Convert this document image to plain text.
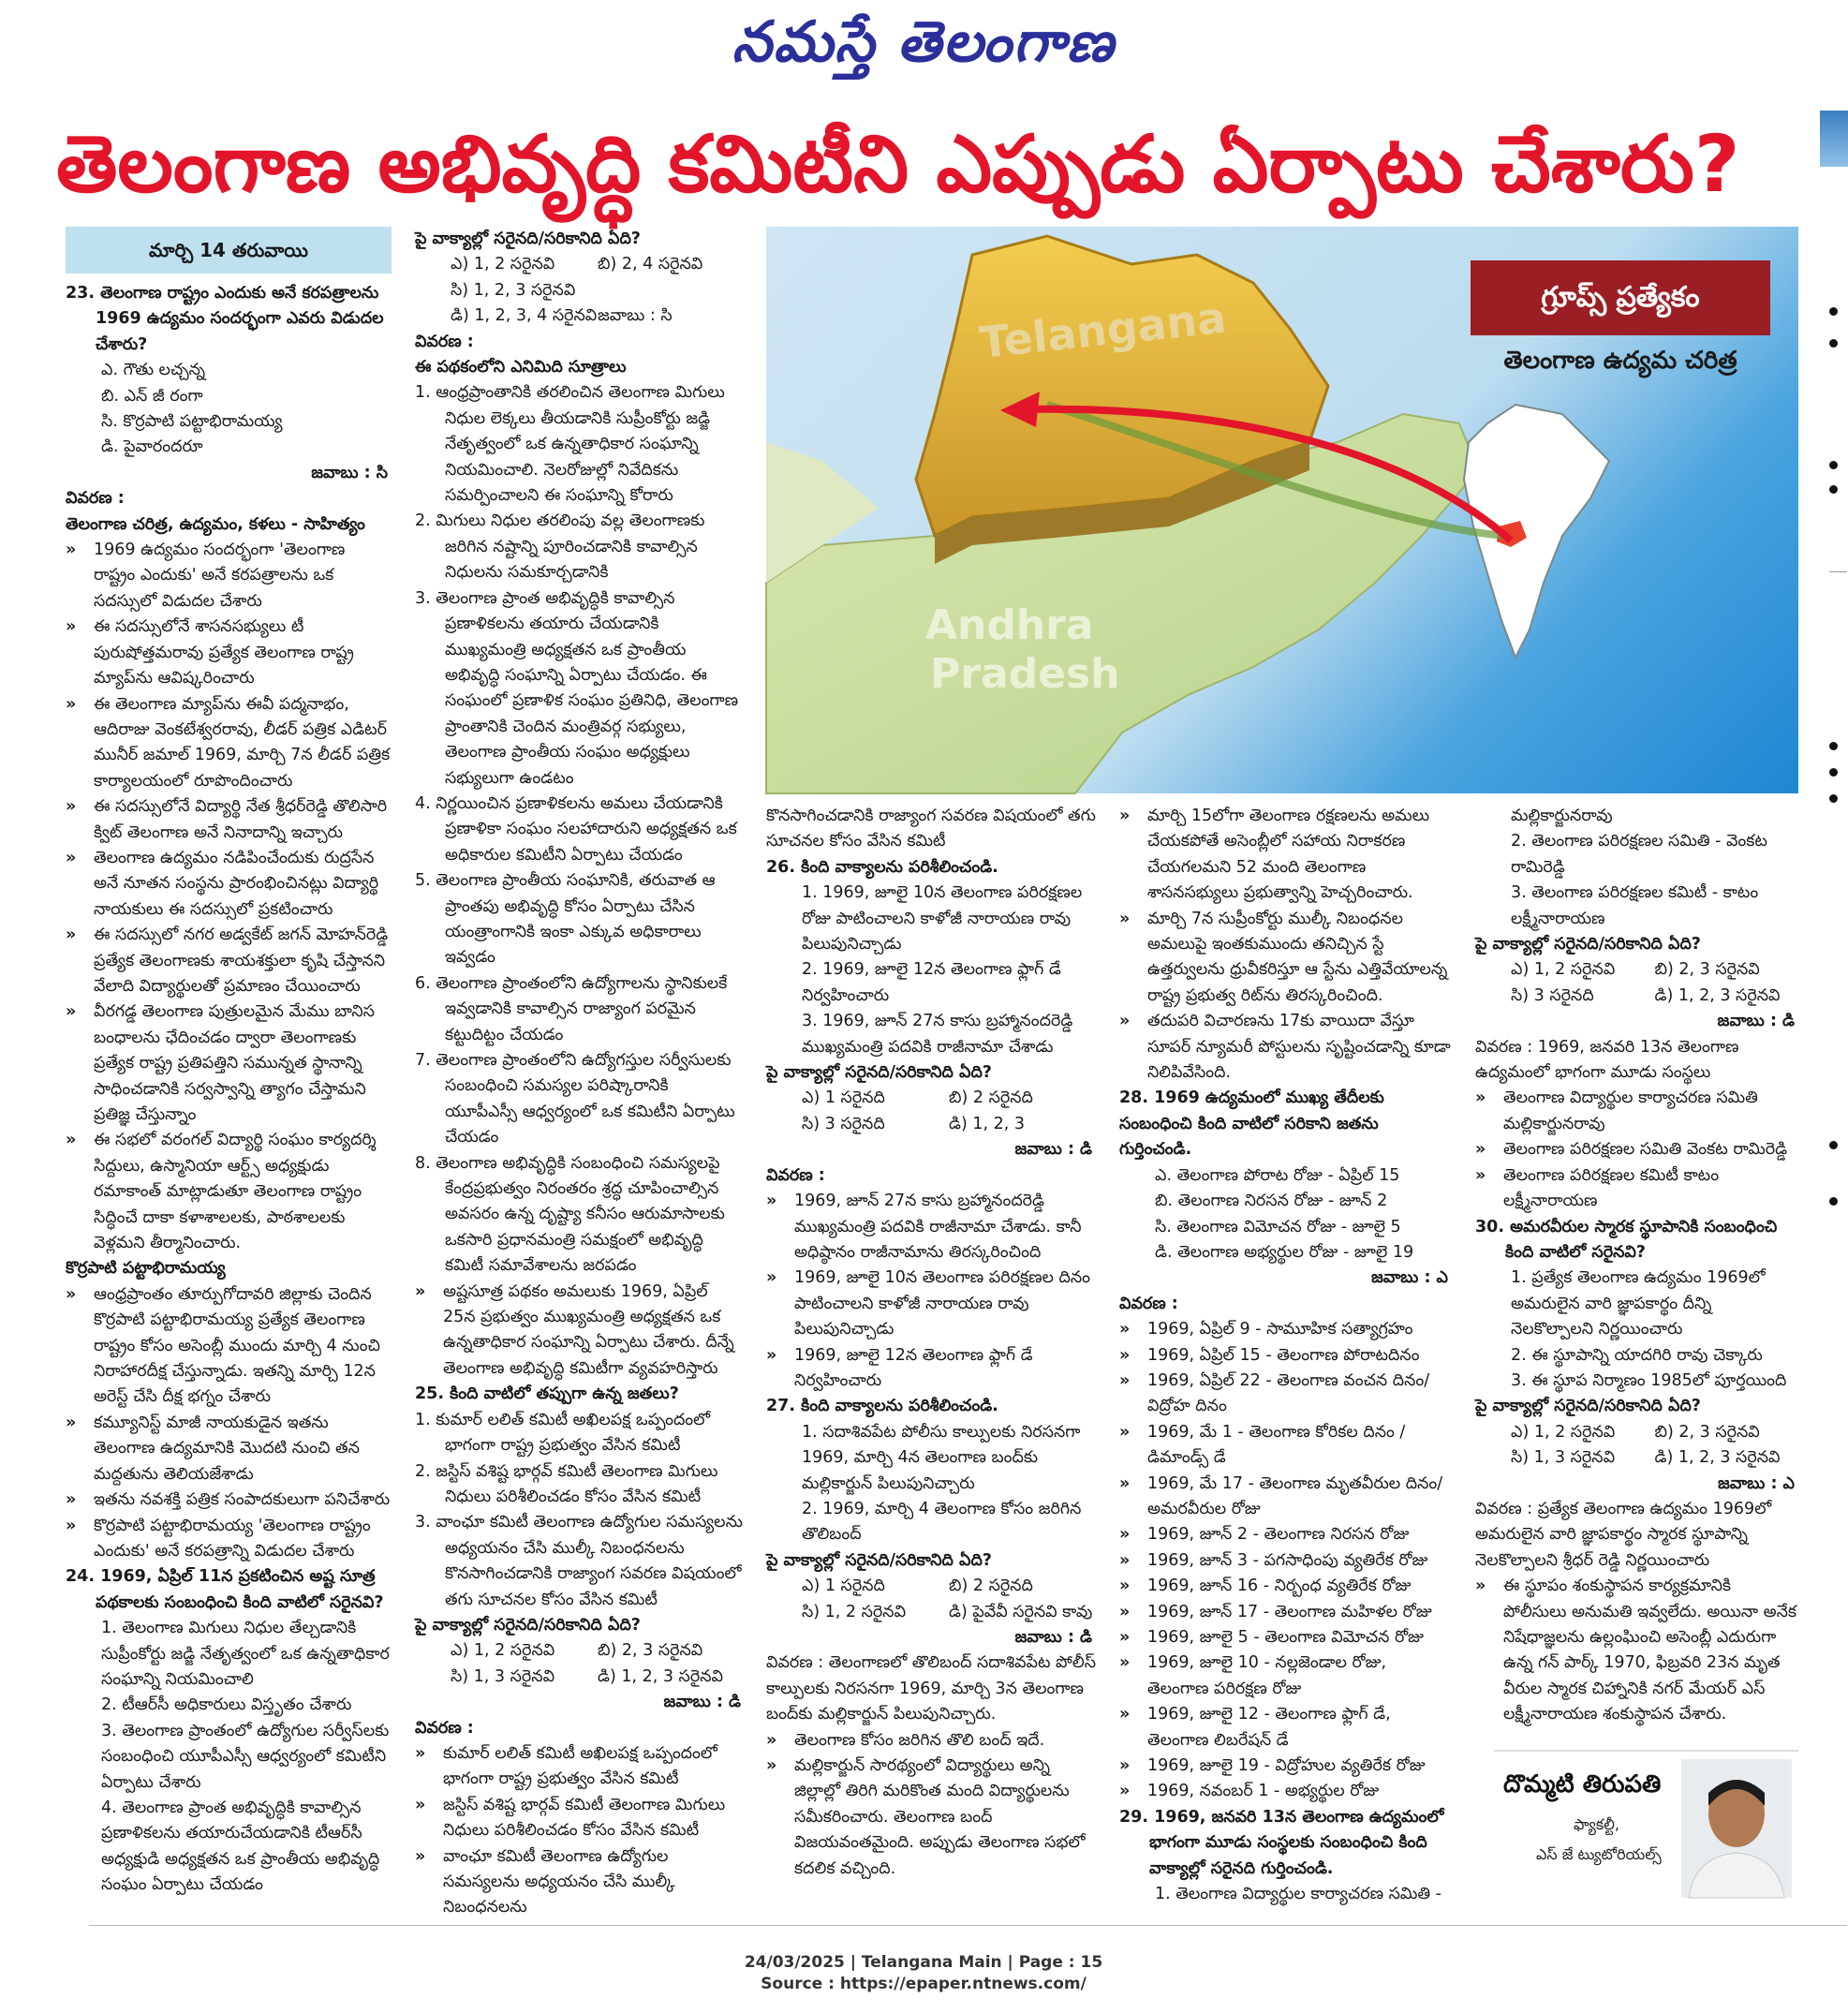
నమస్తే తెలంగాణ
తెలంగాణ అభివృద్ధి కమిటీని ఎప్పుడు ఏర్పాటు చేశారు?
మార్చి 14 తరువాయి

23. తెలంగాణ రాష్ట్రం ఎందుకు అనే కరపత్రాలను 1969 ఉద్యమం సందర్భంగా ఎవరు విడుదల చేశారు?

ఎ. గౌతు లచ్చన్న

బి. ఎన్ జీ రంగా

సి. కొర్రపాటి పట్టాభిరామయ్య

డి. పైవారందరూ

జవాబు : సి

వివరణ :

తెలంగాణ చరిత్ర, ఉద్యమం, కళలు - సాహిత్యం

» 1969 ఉద్యమం సందర్భంగా 'తెలంగాణ రాష్ట్రం ఎందుకు' అనే కరపత్రాలను ఒక సదస్సులో విడుదల చేశారు

» ఈ సదస్సులోనే శాసనసభ్యులు టీ పురుషోత్తమరావు ప్రత్యేక తెలంగాణ రాష్ట్ర మ్యాప్‌ను ఆవిష్కరించారు

» ఈ తెలంగాణ మ్యాప్‌ను ఈవీ పద్మనాభం, ఆదిరాజు వెంకటేశ్వరరావు, లీడర్ పత్రిక ఎడిటర్ మునీర్ జమాల్ 1969, మార్చి 7న లీడర్ పత్రిక కార్యాలయంలో రూపొందించారు

» ఈ సదస్సులోనే విద్యార్థి నేత శ్రీధర్‌రెడ్డి తొలిసారి క్విట్ తెలంగాణ అనే నినాదాన్ని ఇచ్చారు

» తెలంగాణ ఉద్యమం నడిపించేందుకు రుద్రసేన అనే నూతన సంస్థను ప్రారంభించినట్లు విద్యార్థి నాయకులు ఈ సదస్సులో ప్రకటించారు

» ఈ సదస్సులో నగర అడ్వకేట్ జగన్ మోహన్‌రెడ్డి ప్రత్యేక తెలంగాణకు శాయశక్తులా కృషి చేస్తానని వేలాది విద్యార్థులతో ప్రమాణం చేయించారు

» వీరగడ్డ తెలంగాణ పుత్రులమైన మేము బానిస బంధాలను ఛేదించడం ద్వారా తెలంగాణకు ప్రత్యేక రాష్ట్ర ప్రతిపత్తిని సమున్నత స్థానాన్ని సాధించడానికి సర్వస్వాన్ని త్యాగం చేస్తామని ప్రతిజ్ఞ చేస్తున్నాం

» ఈ సభలో వరంగల్ విద్యార్థి సంఘం కార్యదర్శి సిద్దులు, ఉస్మానియా ఆర్ట్స్ అధ్యక్షుడు రమాకాంత్ మాట్లాడుతూ తెలంగాణ రాష్ట్రం సిద్ధించే దాకా కళాశాలలకు, పాఠశాలలకు వెళ్లమని తీర్మానించారు.

కొర్రపాటి పట్టాభిరామయ్య

» ఆంధ్రప్రాంతం తూర్పుగోదావరి జిల్లాకు చెందిన కొర్రపాటి పట్టాభిరామయ్య ప్రత్యేక తెలంగాణ రాష్ట్రం కోసం అసెంబ్లీ ముందు మార్చి 4 నుంచి నిరాహారదీక్ష చేస్తున్నాడు. ఇతన్ని మార్చి 12న అరెస్ట్ చేసి దీక్ష భగ్నం చేశారు

» కమ్యూనిస్ట్ మాజీ నాయకుడైన ఇతను తెలంగాణ ఉద్యమానికి మొదటి నుంచి తన మద్దతును తెలియజేశాడు

» ఇతను నవశక్తి పత్రిక సంపాదకులుగా పనిచేశారు

» కొర్రపాటి పట్టాభిరామయ్య 'తెలంగాణ రాష్ట్రం ఎందుకు' అనే కరపత్రాన్ని విడుదల చేశారు

24. 1969, ఏప్రిల్ 11న ప్రకటించిన అష్ట సూత్ర పథకాలకు సంబంధించి కింది వాటిలో సరైనవి?

1. తెలంగాణ మిగులు నిధుల తేల్చడానికి సుప్రీంకోర్టు జడ్జి నేతృత్వంలో ఒక ఉన్నతాధికార సంఘాన్ని నియమించాలి

2. టీఆర్‌సీ అధికారులు విస్తృతం చేశారు

3. తెలంగాణ ప్రాంతంలో ఉద్యోగుల సర్వీస్‌లకు సంబంధించి యూపీఎస్సీ ఆధ్వర్యంలో కమిటీని ఏర్పాటు చేశారు

4. తెలంగాణ ప్రాంత అభివృద్ధికి కావాల్సిన ప్రణాళికలను తయారుచేయడానికి టీఆర్‌సీ అధ్యక్షుడి అధ్యక్షతన ఒక ప్రాంతీయ అభివృద్ధి సంఘం ఏర్పాటు చేయడం

పై వాక్యాల్లో సరైనది/సరికానిది ఏది?

ఎ) 1, 2 సరైనవి	బి) 2, 4 సరైనవి

సి) 1, 2, 3 సరైనవి

డి) 1, 2, 3, 4 సరైనవి జవాబు : సి

వివరణ :

ఈ పథకంలోని ఎనిమిది సూత్రాలు

1. ఆంధ్రప్రాంతానికి తరలించిన తెలంగాణ మిగులు నిధుల లెక్కలు తీయడానికి సుప్రీంకోర్టు జడ్జి నేతృత్వంలో ఒక ఉన్నతాధికార సంఘాన్ని నియమించాలి. నెలరోజుల్లో నివేదికను సమర్పించాలని ఈ సంఘాన్ని కోరారు

2. మిగులు నిధుల తరలింపు వల్ల తెలంగాణకు జరిగిన నష్టాన్ని పూరించడానికి కావాల్సిన నిధులను సమకూర్చడానికి

3. తెలంగాణ ప్రాంత అభివృద్ధికి కావాల్సిన ప్రణాళికలను తయారు చేయడానికి ముఖ్యమంత్రి అధ్యక్షతన ఒక ప్రాంతీయ అభివృద్ధి సంఘాన్ని ఏర్పాటు చేయడం. ఈ సంఘంలో ప్రణాళిక సంఘం ప్రతినిధి, తెలంగాణ ప్రాంతానికి చెందిన మంత్రివర్గ సభ్యులు, తెలంగాణ ప్రాంతీయ సంఘం అధ్యక్షులు సభ్యులుగా ఉండటం

4. నిర్ణయించిన ప్రణాళికలను అమలు చేయడానికి ప్రణాళికా సంఘం సలహాదారుని అధ్యక్షతన ఒక అధికారుల కమిటీని ఏర్పాటు చేయడం

5. తెలంగాణ ప్రాంతీయ సంఘానికి, తరువాత ఆ ప్రాంతపు అభివృద్ధి కోసం ఏర్పాటు చేసిన యంత్రాంగానికి ఇంకా ఎక్కువ అధికారాలు ఇవ్వడం

6. తెలంగాణ ప్రాంతంలోని ఉద్యోగాలను స్థానికులకే ఇవ్వడానికి కావాల్సిన రాజ్యాంగ పరమైన కట్టుదిట్టం చేయడం

7. తెలంగాణ ప్రాంతంలోని ఉద్యోగస్తుల సర్వీసులకు సంబంధించి సమస్యల పరిష్కారానికి యూపీఎస్సీ ఆధ్వర్యంలో ఒక కమిటీని ఏర్పాటు చేయడం

8. తెలంగాణ అభివృద్ధికి సంబంధించి సమస్యలపై కేంద్రప్రభుత్వం నిరంతరం శ్రద్ధ చూపించాల్సిన అవసరం ఉన్న దృష్ట్యా కనీసం ఆరుమాసాలకు ఒకసారి ప్రధానమంత్రి సమక్షంలో అభివృద్ధి కమిటీ సమావేశాలను జరపడం

» అష్టసూత్ర పథకం అమలుకు 1969, ఏప్రిల్ 25న ప్రభుత్వం ముఖ్యమంత్రి అధ్యక్షతన ఒక ఉన్నతాధికార సంఘాన్ని ఏర్పాటు చేశారు. దీన్నే తెలంగాణ అభివృద్ధి కమిటీగా వ్యవహరిస్తారు

25. కింది వాటిలో తప్పుగా ఉన్న జతలు?

1. కుమార్ లలిత్ కమిటీ అఖిలపక్ష ఒప్పందంలో భాగంగా రాష్ట్ర ప్రభుత్వం వేసిన కమిటీ

2. జస్టిస్ వశిష్ట భార్గవ్ కమిటీ తెలంగాణ మిగులు నిధులు పరిశీలించడం కోసం వేసిన కమిటీ

3. వాంఛూ కమిటీ తెలంగాణ ఉద్యోగుల సమస్యలను అధ్యయనం చేసి ముల్కీ నిబంధనలను కొనసాగించడానికి రాజ్యాంగ సవరణ విషయంలో తగు సూచనల కోసం వేసిన కమిటీ

పై వాక్యాల్లో సరైనది/సరికానిది ఏది?

ఎ) 1, 2 సరైనవి	బి) 2, 3 సరైనవి

సి) 1, 3 సరైనవి	డి) 1, 2, 3 సరైనవి

జవాబు : డి

వివరణ :

» కుమార్ లలిత్ కమిటీ అఖిలపక్ష ఒప్పందంలో భాగంగా రాష్ట్ర ప్రభుత్వం వేసిన కమిటీ

» జస్టిస్ వశిష్ట భార్గవ్ కమిటీ తెలంగాణ మిగులు నిధులు పరిశీలించడం కోసం వేసిన కమిటీ

» వాంఛూ కమిటీ తెలంగాణ ఉద్యోగుల సమస్యలను అధ్యయనం చేసి ముల్కీ నిబంధనలను

Telangana
Andhra
Pradesh
గ్రూప్స్ ప్రత్యేకం
తెలంగాణ ఉద్యమ చరిత్ర

కొనసాగించడానికి రాజ్యాంగ సవరణ విషయంలో తగు సూచనల కోసం వేసిన కమిటీ

26. కింది వాక్యాలను పరిశీలించండి.

1. 1969, జూలై 10న తెలంగాణ పరిరక్షణల రోజు పాటించాలని కాళోజీ నారాయణ రావు పిలుపునిచ్చాడు

2. 1969, జూలై 12న తెలంగాణ ఫ్లాగ్ డే నిర్వహించారు

3. 1969, జూన్ 27న కాసు బ్రహ్మానందరెడ్డి ముఖ్యమంత్రి పదవికి రాజీనామా చేశాడు

పై వాక్యాల్లో సరైనది/సరికానిది ఏది?

ఎ) 1 సరైనది	బి) 2 సరైనది

సి) 3 సరైనది	డి) 1, 2, 3

జవాబు : డి

వివరణ :

» 1969, జూన్ 27న కాసు బ్రహ్మానందరెడ్డి ముఖ్యమంత్రి పదవికి రాజీనామా చేశాడు. కానీ అధిష్ఠానం రాజీనామాను తిరస్కరించింది

» 1969, జూలై 10న తెలంగాణ పరిరక్షణల దినం పాటించాలని కాళోజీ నారాయణ రావు పిలుపునిచ్చాడు

» 1969, జూలై 12న తెలంగాణ ఫ్లాగ్ డే నిర్వహించారు

27. కింది వాక్యాలను పరిశీలించండి.

1. సదాశివపేట పోలీసు కాల్పులకు నిరసనగా 1969, మార్చి 4న తెలంగాణ బంద్‌కు మల్లికార్జున్ పిలుపునిచ్చారు

2. 1969, మార్చి 4 తెలంగాణ కోసం జరిగిన తొలిబంద్

పై వాక్యాల్లో సరైనది/సరికానిది ఏది?

ఎ) 1 సరైనది	బి) 2 సరైనది

సి) 1, 2 సరైనవి	డి) పైవేవీ సరైనవి కావు

జవాబు : డి

వివరణ : తెలంగాణలో తొలిబంద్ సదాశివపేట పోలీస్ కాల్పులకు నిరసనగా 1969, మార్చి 3న తెలంగాణ బంద్‌కు మల్లికార్జున్ పిలుపునిచ్చారు.

» తెలంగాణ కోసం జరిగిన తొలి బంద్ ఇదే.

» మల్లికార్జున్ సారథ్యంలో విద్యార్థులు అన్ని జిల్లాల్లో తిరిగి మరికొంత మంది విద్యార్థులను సమీకరించారు. తెలంగాణ బంద్ విజయవంతమైంది. అప్పుడు తెలంగాణ సభలో కదలిక వచ్చింది.

» మార్చి 15లోగా తెలంగాణ రక్షణలను అమలు చేయకపోతే అసెంబ్లీలో సహాయ నిరాకరణ చేయగలమని 52 మంది తెలంగాణ శాసనసభ్యులు ప్రభుత్వాన్ని హెచ్చరించారు.

» మార్చి 7న సుప్రీంకోర్టు ముల్కీ నిబంధనల అమలుపై ఇంతకుముందు తనిచ్చిన స్టే ఉత్తర్వులను ధ్రువీకరిస్తూ ఆ స్టేను ఎత్తివేయాలన్న రాష్ట్ర ప్రభుత్వ రిట్‌ను తిరస్కరించింది.

» తదుపరి విచారణను 17కు వాయిదా వేస్తూ సూపర్ న్యూమరీ పోస్టులను సృష్టించడాన్ని కూడా నిలిపివేసింది.

28. 1969 ఉద్యమంలో ముఖ్య తేదీలకు సంబంధించి కింది వాటిలో సరికాని జతను గుర్తించండి.

ఎ. తెలంగాణ పోరాట రోజు - ఏప్రిల్ 15

బి. తెలంగాణ నిరసన రోజు - జూన్ 2

సి. తెలంగాణ విమోచన రోజు - జూలై 5

డి. తెలంగాణ అభ్యర్థుల రోజు - జూలై 19

జవాబు : ఎ

వివరణ :

» 1969, ఏప్రిల్ 9 - సామూహిక సత్యాగ్రహం

» 1969, ఏప్రిల్ 15 - తెలంగాణ పోరాటదినం

» 1969, ఏప్రిల్ 22 - తెలంగాణ వంచన దినం/ విద్రోహ దినం

» 1969, మే 1 - తెలంగాణ కోరికల దినం / డిమాండ్స్ డే

» 1969, మే 17 - తెలంగాణ మృతవీరుల దినం/ అమరవీరుల రోజు

» 1969, జూన్ 2 - తెలంగాణ నిరసన రోజు

» 1969, జూన్ 3 - పగసాధింపు వ్యతిరేక రోజు

» 1969, జూన్ 16 - నిర్బంధ వ్యతిరేక రోజు

» 1969, జూన్ 17 - తెలంగాణ మహిళల రోజు

» 1969, జూలై 5 - తెలంగాణ విమోచన రోజు

» 1969, జూలై 10 - నల్లజెండాల రోజు, తెలంగాణ పరిరక్షణ రోజు

» 1969, జూలై 12 - తెలంగాణ ఫ్లాగ్ డే, తెలంగాణ లిబరేషన్ డే

» 1969, జూలై 19 - విద్రోహుల వ్యతిరేక రోజు

» 1969, నవంబర్ 1 - అభ్యర్థుల రోజు

29. 1969, జనవరి 13న తెలంగాణ ఉద్యమంలో భాగంగా మూడు సంస్థలకు సంబంధించి కింది వాక్యాల్లో సరైనది గుర్తించండి.

1. తెలంగాణ విద్యార్థుల కార్యాచరణ సమితి -

మల్లికార్జునరావు

2. తెలంగాణ పరిరక్షణల సమితి - వెంకట రామిరెడ్డి

3. తెలంగాణ పరిరక్షణల కమిటీ - కాటం లక్ష్మీనారాయణ

పై వాక్యాల్లో సరైనది/సరికానిది ఏది?

ఎ) 1, 2 సరైనవి	బి) 2, 3 సరైనవి

సి) 3 సరైనది	డి) 1, 2, 3 సరైనవి

జవాబు : డి

వివరణ : 1969, జనవరి 13న తెలంగాణ ఉద్యమంలో భాగంగా మూడు సంస్థలు

» తెలంగాణ విద్యార్థుల కార్యాచరణ సమితి మల్లికార్జునరావు

» తెలంగాణ పరిరక్షణల సమితి వెంకట రామిరెడ్డి

» తెలంగాణ పరిరక్షణల కమిటీ కాటం లక్ష్మీనారాయణ

30. అమరవీరుల స్మారక స్థూపానికి సంబంధించి కింది వాటిలో సరైనవి?

1. ప్రత్యేక తెలంగాణ ఉద్యమం 1969లో అమరులైన వారి జ్ఞాపకార్థం దీన్ని నెలకొల్పాలని నిర్ణయించారు

2. ఈ స్థూపాన్ని యాదగిరి రావు చెక్కారు

3. ఈ స్థూప నిర్మాణం 1985లో పూర్తయింది

పై వాక్యాల్లో సరైనది/సరికానిది ఏది?

ఎ) 1, 2 సరైనవి	బి) 2, 3 సరైనవి

సి) 1, 3 సరైనవి	డి) 1, 2, 3 సరైనవి

జవాబు : ఎ

వివరణ : ప్రత్యేక తెలంగాణ ఉద్యమం 1969లో అమరులైన వారి జ్ఞాపకార్థం స్మారక స్థూపాన్ని నెలకొల్పాలని శ్రీధర్ రెడ్డి నిర్ణయించారు

» ఈ స్థూపం శంకుస్థాపన కార్యక్రమానికి పోలీసులు అనుమతి ఇవ్వలేదు. అయినా అనేక నిషేధాజ్ఞలను ఉల్లంఘించి అసెంబ్లీ ఎదురుగా ఉన్న గన్ పార్క్ 1970, ఫిబ్రవరి 23న మృత వీరుల స్మారక చిహ్నానికి నగర్ మేయర్ ఎస్ లక్ష్మీనారాయణ శంకుస్థాపన చేశారు.

దొమ్మటి తిరుపతి
ఫ్యాకల్టీ,
ఎస్ జే ట్యుటోరియల్స్
24/03/2025 | Telangana Main | Page : 15
Source : https://epaper.ntnews.com/
